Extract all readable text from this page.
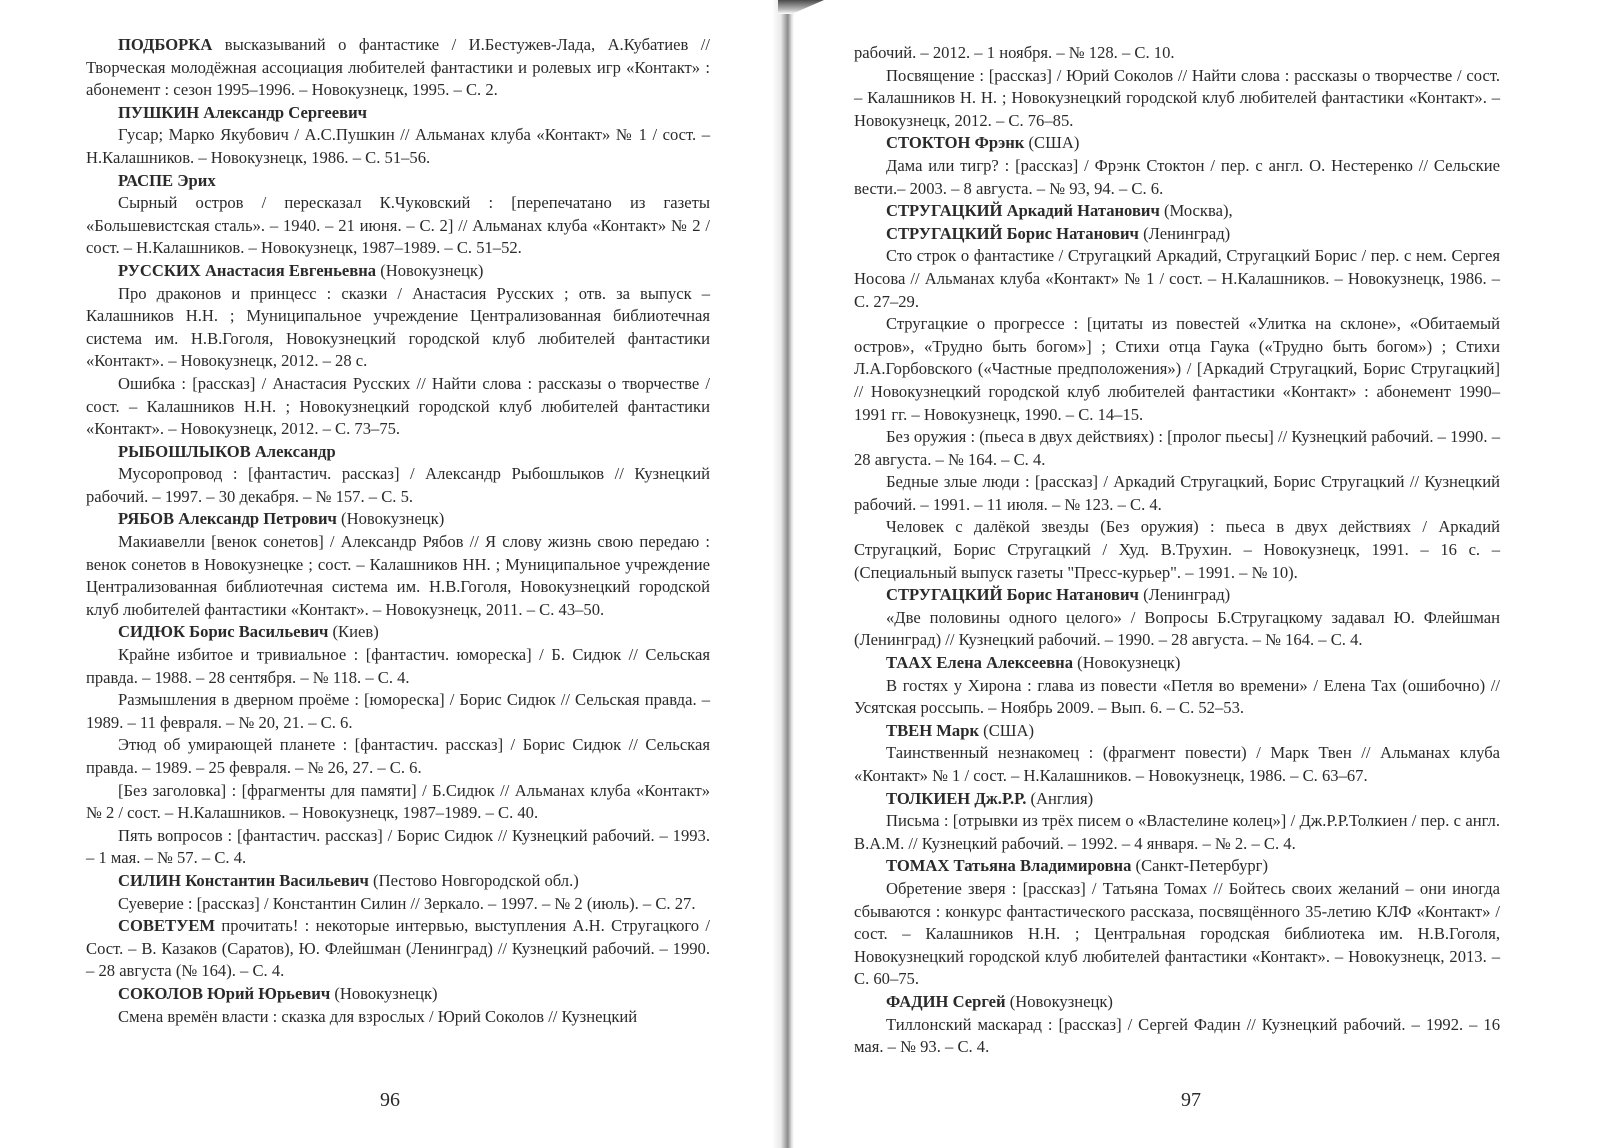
ПОДБОРКА высказываний о фантастике / И.Бестужев-Лада, А.Кубатиев // Творческая молодёжная ассоциация любителей фантастики и ролевых игр «Контакт» : абонемент : сезон 1995–1996. – Новокузнецк, 1995. – С. 2.

ПУШКИН Александр Сергеевич

Гусар; Марко Якубович / А.С.Пушкин // Альманах клуба «Контакт» № 1 / сост. – Н.Калашников. – Новокузнецк, 1986. – С. 51–56.

РАСПЕ Эрих

Сырный остров / пересказал К.Чуковский : [перепечатано из газеты «Большевистская сталь». – 1940. – 21 июня. – С. 2] // Альманах клуба «Контакт» № 2 / сост. – Н.Калашников. – Новокузнецк, 1987–1989. – С. 51–52.

РУССКИХ Анастасия Евгеньевна (Новокузнецк)

Про драконов и принцесс : сказки / Анастасия Русских ; отв. за выпуск – Калашников Н.Н. ; Муниципальное учреждение Централизованная библиотечная система им. Н.В.Гоголя, Новокузнецкий городской клуб любителей фантастики «Контакт». – Новокузнецк, 2012. – 28 с.

Ошибка : [рассказ] / Анастасия Русских // Найти слова : рассказы о творчестве / сост. – Калашников Н.Н. ; Новокузнецкий городской клуб любителей фантастики «Контакт». – Новокузнецк, 2012. – С. 73–75.

РЫБОШЛЫКОВ Александр

Мусоропровод : [фантастич. рассказ] / Александр Рыбошлыков // Кузнецкий рабочий. – 1997. – 30 декабря. – № 157. – С. 5.

РЯБОВ Александр Петрович (Новокузнецк)

Макиавелли [венок сонетов] / Александр Рябов // Я слову жизнь свою передаю : венок сонетов в Новокузнецке ; сост. – Калашников НН. ; Муниципальное учреждение Централизованная библиотечная система им. Н.В.Гоголя, Новокузнецкий городской клуб любителей фантастики «Контакт». – Новокузнецк, 2011. – С. 43–50.

СИДЮК Борис Васильевич (Киев)

Крайне избитое и тривиальное : [фантастич. юмореска] / Б. Сидюк // Сельская правда. – 1988. – 28 сентября. – № 118. – С. 4.

Размышления в дверном проёме : [юмореска] / Борис Сидюк // Сельская правда. – 1989. – 11 февраля. – № 20, 21. – С. 6.

Этюд об умирающей планете : [фантастич. рассказ] / Борис Сидюк // Сельская правда. – 1989. – 25 февраля. – № 26, 27. – С. 6.

[Без заголовка] : [фрагменты для памяти] / Б.Сидюк // Альманах клуба «Контакт» № 2 / сост. – Н.Калашников. – Новокузнецк, 1987–1989. – С. 40.

Пять вопросов : [фантастич. рассказ] / Борис Сидюк // Кузнецкий рабочий. – 1993. – 1 мая. – № 57. – С. 4.

СИЛИН Константин Васильевич (Пестово Новгородской обл.)

Суеверие : [рассказ] / Константин Силин // Зеркало. – 1997. – № 2 (июль). – С. 27.

СОВЕТУЕМ прочитать! : некоторые интервью, выступления А.Н. Стругацкого / Сост. – В. Казаков (Саратов), Ю. Флейшман (Ленинград) // Кузнецкий рабочий. – 1990. – 28 августа (№ 164). – С. 4.

СОКОЛОВ Юрий Юрьевич (Новокузнецк)

Смена времён власти : сказка для взрослых / Юрий Соколов // Кузнецкий

96

рабочий. – 2012. – 1 ноября. – № 128. – С. 10.

Посвящение : [рассказ] / Юрий Соколов // Найти слова : рассказы о творчестве / сост. – Калашников Н. Н. ; Новокузнецкий городской клуб любителей фантастики «Контакт». – Новокузнецк, 2012. – С. 76–85.

СТОКТОН Фрэнк (США)

Дама или тигр? : [рассказ] / Фрэнк Стоктон / пер. с англ. О. Нестеренко // Сельские вести.– 2003. – 8 августа. – № 93, 94. – С. 6.

СТРУГАЦКИЙ Аркадий Натанович (Москва),

СТРУГАЦКИЙ Борис Натанович (Ленинград)

Сто строк о фантастике / Стругацкий Аркадий, Стругацкий Борис / пер. с нем. Сергея Носова // Альманах клуба «Контакт» № 1 / сост. – Н.Калашников. – Новокузнецк, 1986. – С. 27–29.

Стругацкие о прогрессе : [цитаты из повестей «Улитка на склоне», «Обитаемый остров», «Трудно быть богом»] ; Стихи отца Гаука («Трудно быть богом») ; Стихи Л.А.Горбовского («Частные предположения») / [Аркадий Стругацкий, Борис Стругацкий] // Новокузнецкий городской клуб любителей фантастики «Контакт» : абонемент 1990–1991 гг. – Новокузнецк, 1990. – С. 14–15.

Без оружия : (пьеса в двух действиях) : [пролог пьесы] // Кузнецкий рабочий. – 1990. – 28 августа. – № 164. – С. 4.

Бедные злые люди : [рассказ] / Аркадий Стругацкий, Борис Стругацкий // Кузнецкий рабочий. – 1991. – 11 июля. – № 123. – С. 4.

Человек с далёкой звезды (Без оружия) : пьеса в двух действиях / Аркадий Стругацкий, Борис Стругацкий / Худ. В.Трухин. – Новокузнецк, 1991. – 16 с. – (Специальный выпуск газеты "Пресс-курьер". – 1991. – № 10).

СТРУГАЦКИЙ Борис Натанович (Ленинград)

«Две половины одного целого» / Вопросы Б.Стругацкому задавал Ю. Флейшман (Ленинград) // Кузнецкий рабочий. – 1990. – 28 августа. – № 164. – С. 4.

ТААХ Елена Алексеевна (Новокузнецк)

В гостях у Хирона : глава из повести «Петля во времени» / Елена Тах (ошибочно) // Усятская россыпь. – Ноябрь 2009. – Вып. 6. – С. 52–53.

ТВЕН Марк (США)

Таинственный незнакомец : (фрагмент повести) / Марк Твен // Альманах клуба «Контакт» № 1 / сост. – Н.Калашников. – Новокузнецк, 1986. – С. 63–67.

ТОЛКИЕН Дж.Р.Р. (Англия)

Письма : [отрывки из трёх писем о «Властелине колец»] / Дж.Р.Р.Толкиен / пер. с англ. В.А.М. // Кузнецкий рабочий. – 1992. – 4 января. – № 2. – С. 4.

ТОМАХ Татьяна Владимировна (Санкт-Петербург)

Обретение зверя : [рассказ] / Татьяна Томах // Бойтесь своих желаний – они иногда сбываются : конкурс фантастического рассказа, посвящённого 35-летию КЛФ «Контакт» / сост. – Калашников Н.Н. ; Центральная городская библиотека им. Н.В.Гоголя, Новокузнецкий городской клуб любителей фантастики «Контакт». – Новокузнецк, 2013. – С. 60–75.

ФАДИН Сергей (Новокузнецк)

Тиллонский маскарад : [рассказ] / Сергей Фадин // Кузнецкий рабочий. – 1992. – 16 мая. – № 93. – С. 4.

97
